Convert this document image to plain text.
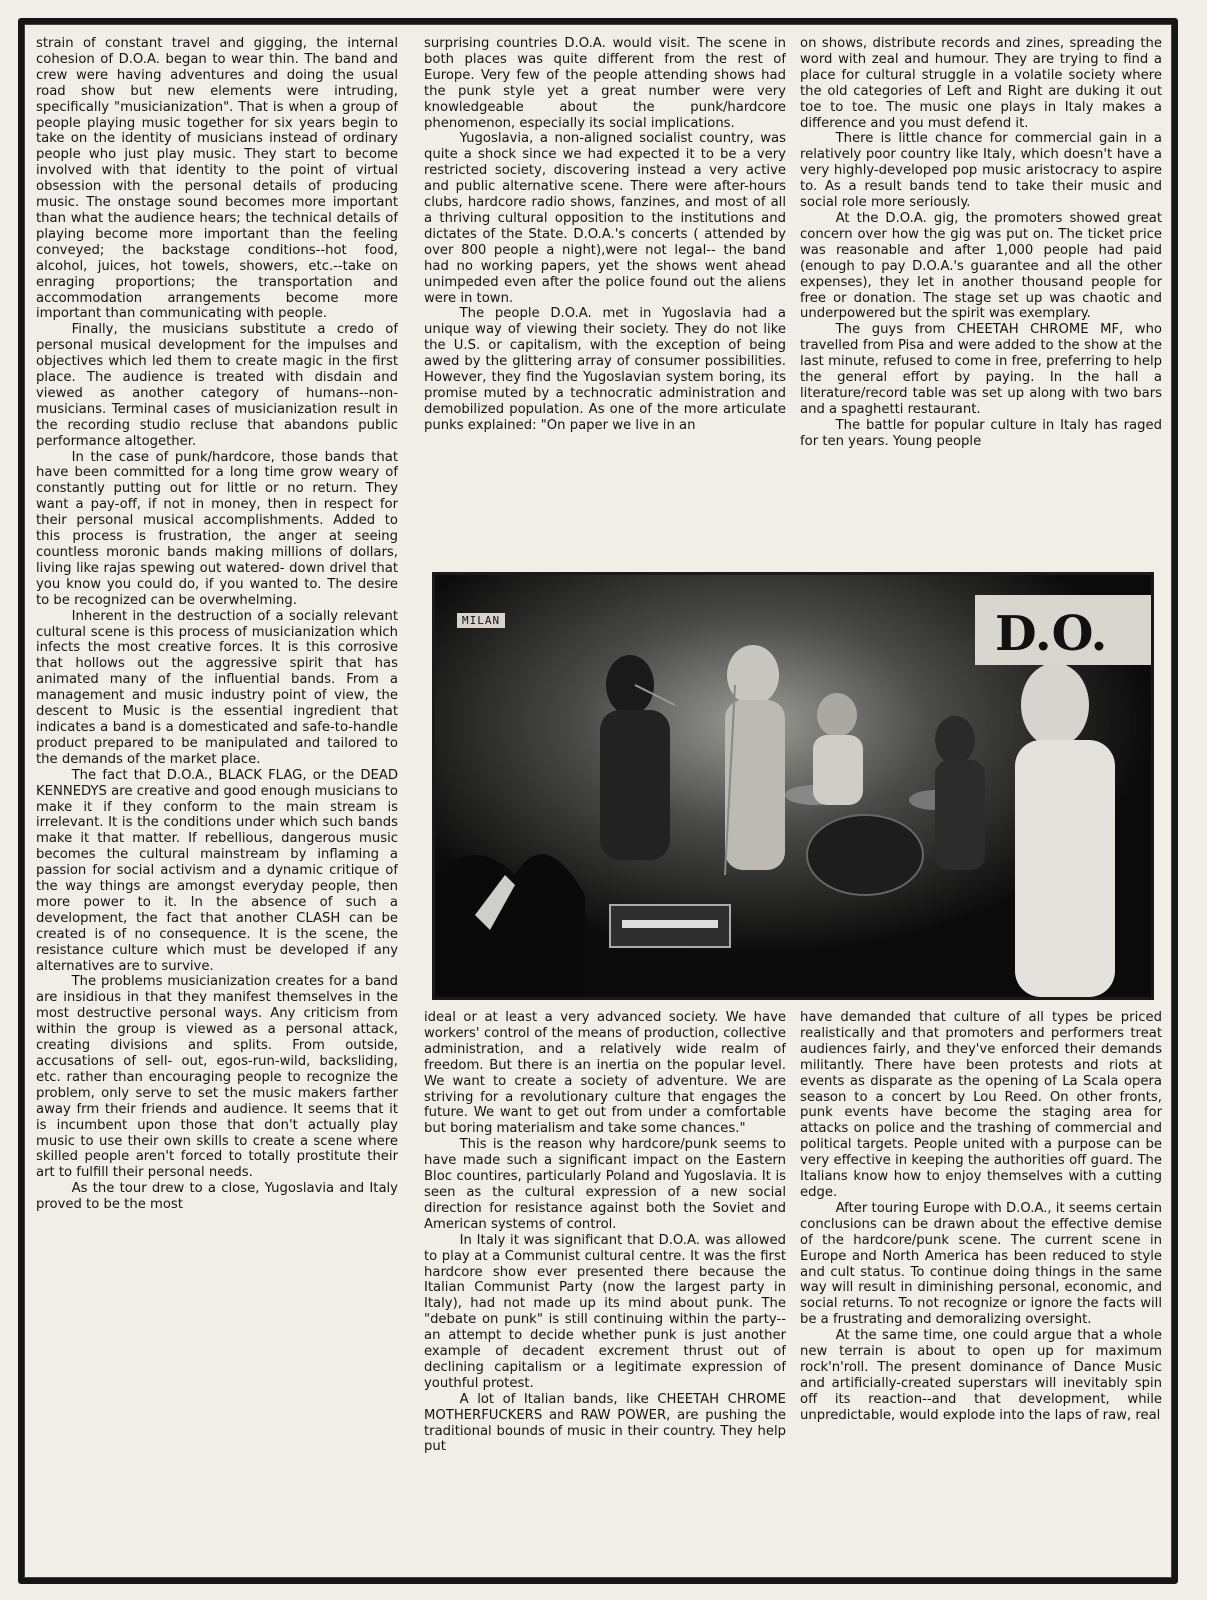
strain of constant travel and gigging, the internal cohesion of D.O.A. began to wear thin. The band and crew were having adventures and doing the usual road show but new elements were intruding, specifically "musicianization". That is when a group of people playing music together for six years begin to take on the identity of musicians instead of ordinary people who just play music. They start to become involved with that identity to the point of virtual obsession with the personal details of producing music. The onstage sound becomes more important than what the audience hears; the technical details of playing become more important than the feeling conveyed; the backstage conditions--hot food, alcohol, juices, hot towels, showers, etc.--take on enraging proportions; the transportation and accommodation arrangements become more important than communicating with people.

Finally, the musicians substitute a credo of personal musical development for the impulses and objectives which led them to create magic in the first place. The audience is treated with disdain and viewed as another category of humans--non-musicians. Terminal cases of musicianization result in the recording studio recluse that abandons public performance altogether.

In the case of punk/hardcore, those bands that have been committed for a long time grow weary of constantly putting out for little or no return. They want a pay-off, if not in money, then in respect for their personal musical accomplishments. Added to this process is frustration, the anger at seeing countless moronic bands making millions of dollars, living like rajas spewing out watered- down drivel that you know you could do, if you wanted to. The desire to be recognized can be overwhelming.

Inherent in the destruction of a socially relevant cultural scene is this process of musicianization which infects the most creative forces. It is this corrosive that hollows out the aggressive spirit that has animated many of the influential bands. From a management and music industry point of view, the descent to Music is the essential ingredient that indicates a band is a domesticated and safe-to-handle product prepared to be manipulated and tailored to the demands of the market place.

The fact that D.O.A., BLACK FLAG, or the DEAD KENNEDYS are creative and good enough musicians to make it if they conform to the main stream is irrelevant. It is the conditions under which such bands make it that matter. If rebellious, dangerous music becomes the cultural mainstream by inflaming a passion for social activism and a dynamic critique of the way things are amongst everyday people, then more power to it. In the absence of such a development, the fact that another CLASH can be created is of no consequence. It is the scene, the resistance culture which must be developed if any alternatives are to survive.

The problems musicianization creates for a band are insidious in that they manifest themselves in the most destructive personal ways. Any criticism from within the group is viewed as a personal attack, creating divisions and splits. From outside, accusations of sell- out, egos-run-wild, backsliding, etc. rather than encouraging people to recognize the problem, only serve to set the music makers farther away frm their friends and audience. It seems that it is incumbent upon those that don't actually play music to use their own skills to create a scene where skilled people aren't forced to totally prostitute their art to fulfill their personal needs.

As the tour drew to a close, Yugoslavia and Italy proved to be the most

surprising countries D.O.A. would visit. The scene in both places was quite different from the rest of Europe. Very few of the people attending shows had the punk style yet a great number were very knowledgeable about the punk/hardcore phenomenon, especially its social implications.

Yugoslavia, a non-aligned socialist country, was quite a shock since we had expected it to be a very restricted society, discovering instead a very active and public alternative scene. There were after-hours clubs, hardcore radio shows, fanzines, and most of all a thriving cultural opposition to the institutions and dictates of the State. D.O.A.'s concerts ( attended by over 800 people a night),were not legal-- the band had no working papers, yet the shows went ahead unimpeded even after the police found out the aliens were in town.

The people D.O.A. met in Yugoslavia had a unique way of viewing their society. They do not like the U.S. or capitalism, with the exception of being awed by the glittering array of consumer possibilities. However, they find the Yugoslavian system boring, its promise muted by a technocratic administration and demobilized population. As one of the more articulate punks explained: "On paper we live in an

on shows, distribute records and zines, spreading the word with zeal and humour. They are trying to find a place for cultural struggle in a volatile society where the old categories of Left and Right are duking it out toe to toe. The music one plays in Italy makes a difference and you must defend it.

There is little chance for commercial gain in a relatively poor country like Italy, which doesn't have a very highly-developed pop music aristocracy to aspire to. As a result bands tend to take their music and social role more seriously.

At the D.O.A. gig, the promoters showed great concern over how the gig was put on. The ticket price was reasonable and after 1,000 people had paid (enough to pay D.O.A.'s guarantee and all the other expenses), they let in another thousand people for free or donation. The stage set up was chaotic and underpowered but the spirit was exemplary.

The guys from CHEETAH CHROME MF, who travelled from Pisa and were added to the show at the last minute, refused to come in free, preferring to help the general effort by paying. In the hall a literature/record table was set up along with two bars and a spaghetti restaurant.

The battle for popular culture in Italy has raged for ten years. Young people

D.O.
MILAN

ideal or at least a very advanced society. We have workers' control of the means of production, collective administration, and a relatively wide realm of freedom. But there is an inertia on the popular level. We want to create a society of adventure. We are striving for a revolutionary culture that engages the future. We want to get out from under a comfortable but boring materialism and take some chances."

This is the reason why hardcore/punk seems to have made such a significant impact on the Eastern Bloc countires, particularly Poland and Yugoslavia. It is seen as the cultural expression of a new social direction for resistance against both the Soviet and American systems of control.

In Italy it was significant that D.O.A. was allowed to play at a Communist cultural centre. It was the first hardcore show ever presented there because the Italian Communist Party (now the largest party in Italy), had not made up its mind about punk. The "debate on punk" is still continuing within the party-- an attempt to decide whether punk is just another example of decadent excrement thrust out of declining capitalism or a legitimate expression of youthful protest.

A lot of Italian bands, like CHEETAH CHROME MOTHERFUCKERS and RAW POWER, are pushing the traditional bounds of music in their country. They help put

have demanded that culture of all types be priced realistically and that promoters and performers treat audiences fairly, and they've enforced their demands militantly. There have been protests and riots at events as disparate as the opening of La Scala opera season to a concert by Lou Reed. On other fronts, punk events have become the staging area for attacks on police and the trashing of commercial and political targets. People united with a purpose can be very effective in keeping the authorities off guard. The Italians know how to enjoy themselves with a cutting edge.

After touring Europe with D.O.A., it seems certain conclusions can be drawn about the effective demise of the hardcore/punk scene. The current scene in Europe and North America has been reduced to style and cult status. To continue doing things in the same way will result in diminishing personal, economic, and social returns. To not recognize or ignore the facts will be a frustrating and demoralizing oversight.

At the same time, one could argue that a whole new terrain is about to open up for maximum rock'n'roll. The present dominance of Dance Music and artificially-created superstars will inevitably spin off its reaction--and that development, while unpredictable, would explode into the laps of raw, real
